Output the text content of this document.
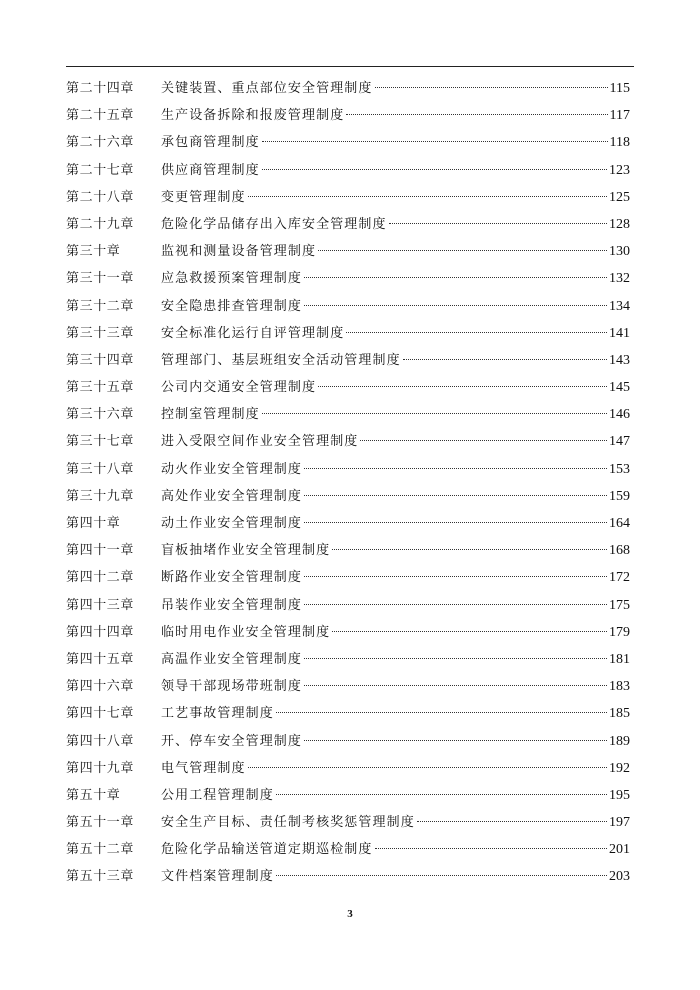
第二十四章	关键装置、重点部位安全管理制度	115
第二十五章	生产设备拆除和报废管理制度	117
第二十六章	承包商管理制度	118
第二十七章	供应商管理制度	123
第二十八章	变更管理制度	125
第二十九章	危险化学品储存出入库安全管理制度	128
第三十章	监视和测量设备管理制度	130
第三十一章	应急救援预案管理制度	132
第三十二章	安全隐患排查管理制度	134
第三十三章	安全标准化运行自评管理制度	141
第三十四章	管理部门、基层班组安全活动管理制度	143
第三十五章	公司内交通安全管理制度	145
第三十六章	控制室管理制度	146
第三十七章	进入受限空间作业安全管理制度	147
第三十八章	动火作业安全管理制度	153
第三十九章	高处作业安全管理制度	159
第四十章	动土作业安全管理制度	164
第四十一章	盲板抽堵作业安全管理制度	168
第四十二章	断路作业安全管理制度	172
第四十三章	吊装作业安全管理制度	175
第四十四章	临时用电作业安全管理制度	179
第四十五章	高温作业安全管理制度	181
第四十六章	领导干部现场带班制度	183
第四十七章	工艺事故管理制度	185
第四十八章	开、停车安全管理制度	189
第四十九章	电气管理制度	192
第五十章	公用工程管理制度	195
第五十一章	安全生产目标、责任制考核奖惩管理制度	197
第五十二章	危险化学品输送管道定期巡检制度	201
第五十三章	文件档案管理制度	203
3
